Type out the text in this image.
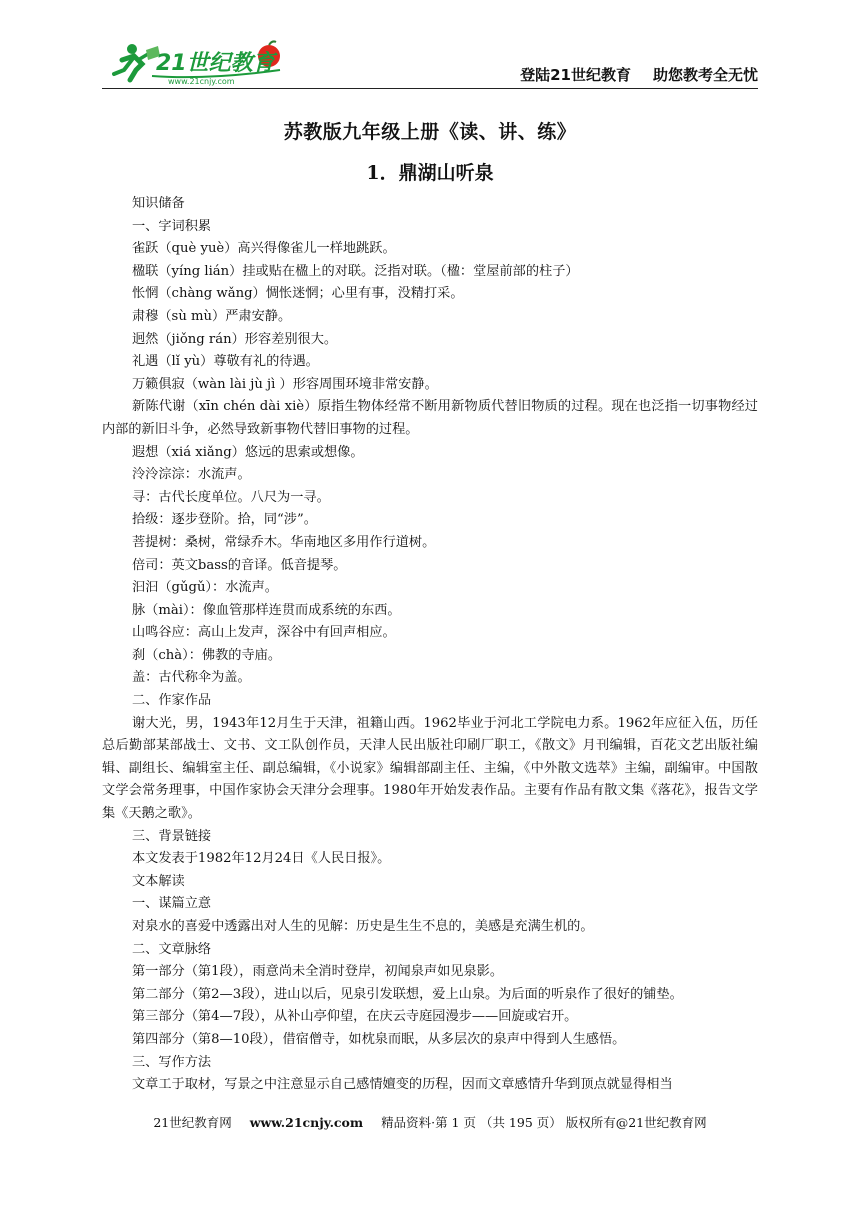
21世纪教育
www.21cnjy.com	登陆21世纪教育 助您教考全无忧
苏教版九年级上册《读、讲、练》
1．鼎湖山听泉

知识储备

一、字词积累

雀跃（què yuè）高兴得像雀儿一样地跳跃。

楹联（yíng lián）挂或贴在楹上的对联。泛指对联。（楹：堂屋前部的柱子）

怅惘（chàng wǎng）惆怅迷惘；心里有事，没精打采。

肃穆（sù mù）严肃安静。

迥然（jiǒng rán）形容差别很大。

礼遇（lǐ yù）尊敬有礼的待遇。

万籁俱寂（wàn lài jù jì ）形容周围环境非常安静。

新陈代谢（xīn chén dài xiè）原指生物体经常不断用新物质代替旧物质的过程。现在也泛指一切事物经过内部的新旧斗争，必然导致新事物代替旧事物的过程。

遐想（xiá xiǎng）悠远的思索或想像。

泠泠淙淙：水流声。

寻：古代长度单位。八尺为一寻。

拾级：逐步登阶。拾，同“涉”。

菩提树：桑树，常绿乔木。华南地区多用作行道树。

倍司：英文bass的音译。低音提琴。

汩汩（gǔgǔ）：水流声。

脉（mài）：像血管那样连贯而成系统的东西。

山鸣谷应：高山上发声，深谷中有回声相应。

刹（chà）：佛教的寺庙。

盖：古代称伞为盖。

二、作家作品

谢大光，男，1943年12月生于天津，祖籍山西。1962毕业于河北工学院电力系。1962年应征入伍，历任总后勤部某部战士、文书、文工队创作员，天津人民出版社印刷厂职工，《散文》月刊编辑，百花文艺出版社编辑、副组长、编辑室主任、副总编辑，《小说家》编辑部副主任、主编，《中外散文选萃》主编，副编审。中国散文学会常务理事，中国作家协会天津分会理事。1980年开始发表作品。主要有作品有散文集《落花》，报告文学集《天鹅之歌》。

三、背景链接

本文发表于1982年12月24日《人民日报》。

文本解读

一、谋篇立意

对泉水的喜爱中透露出对人生的见解：历史是生生不息的，美感是充满生机的。

二、文章脉络

第一部分（第1段），雨意尚未全消时登岸，初闻泉声如见泉影。

第二部分（第2—3段），进山以后，见泉引发联想，爱上山泉。为后面的听泉作了很好的铺垫。

第三部分（第4—7段），从补山亭仰望，在庆云寺庭园漫步——回旋或宕开。

第四部分（第8—10段），借宿僧寺，如枕泉而眠，从多层次的泉声中得到人生感悟。

三、写作方法

文章工于取材，写景之中注意显示自己感情嬗变的历程，因而文章感情升华到顶点就显得相当

21世纪教育网 www.21cnjy.com 精品资料·第 1 页 （共 195 页） 版权所有@21世纪教育网
